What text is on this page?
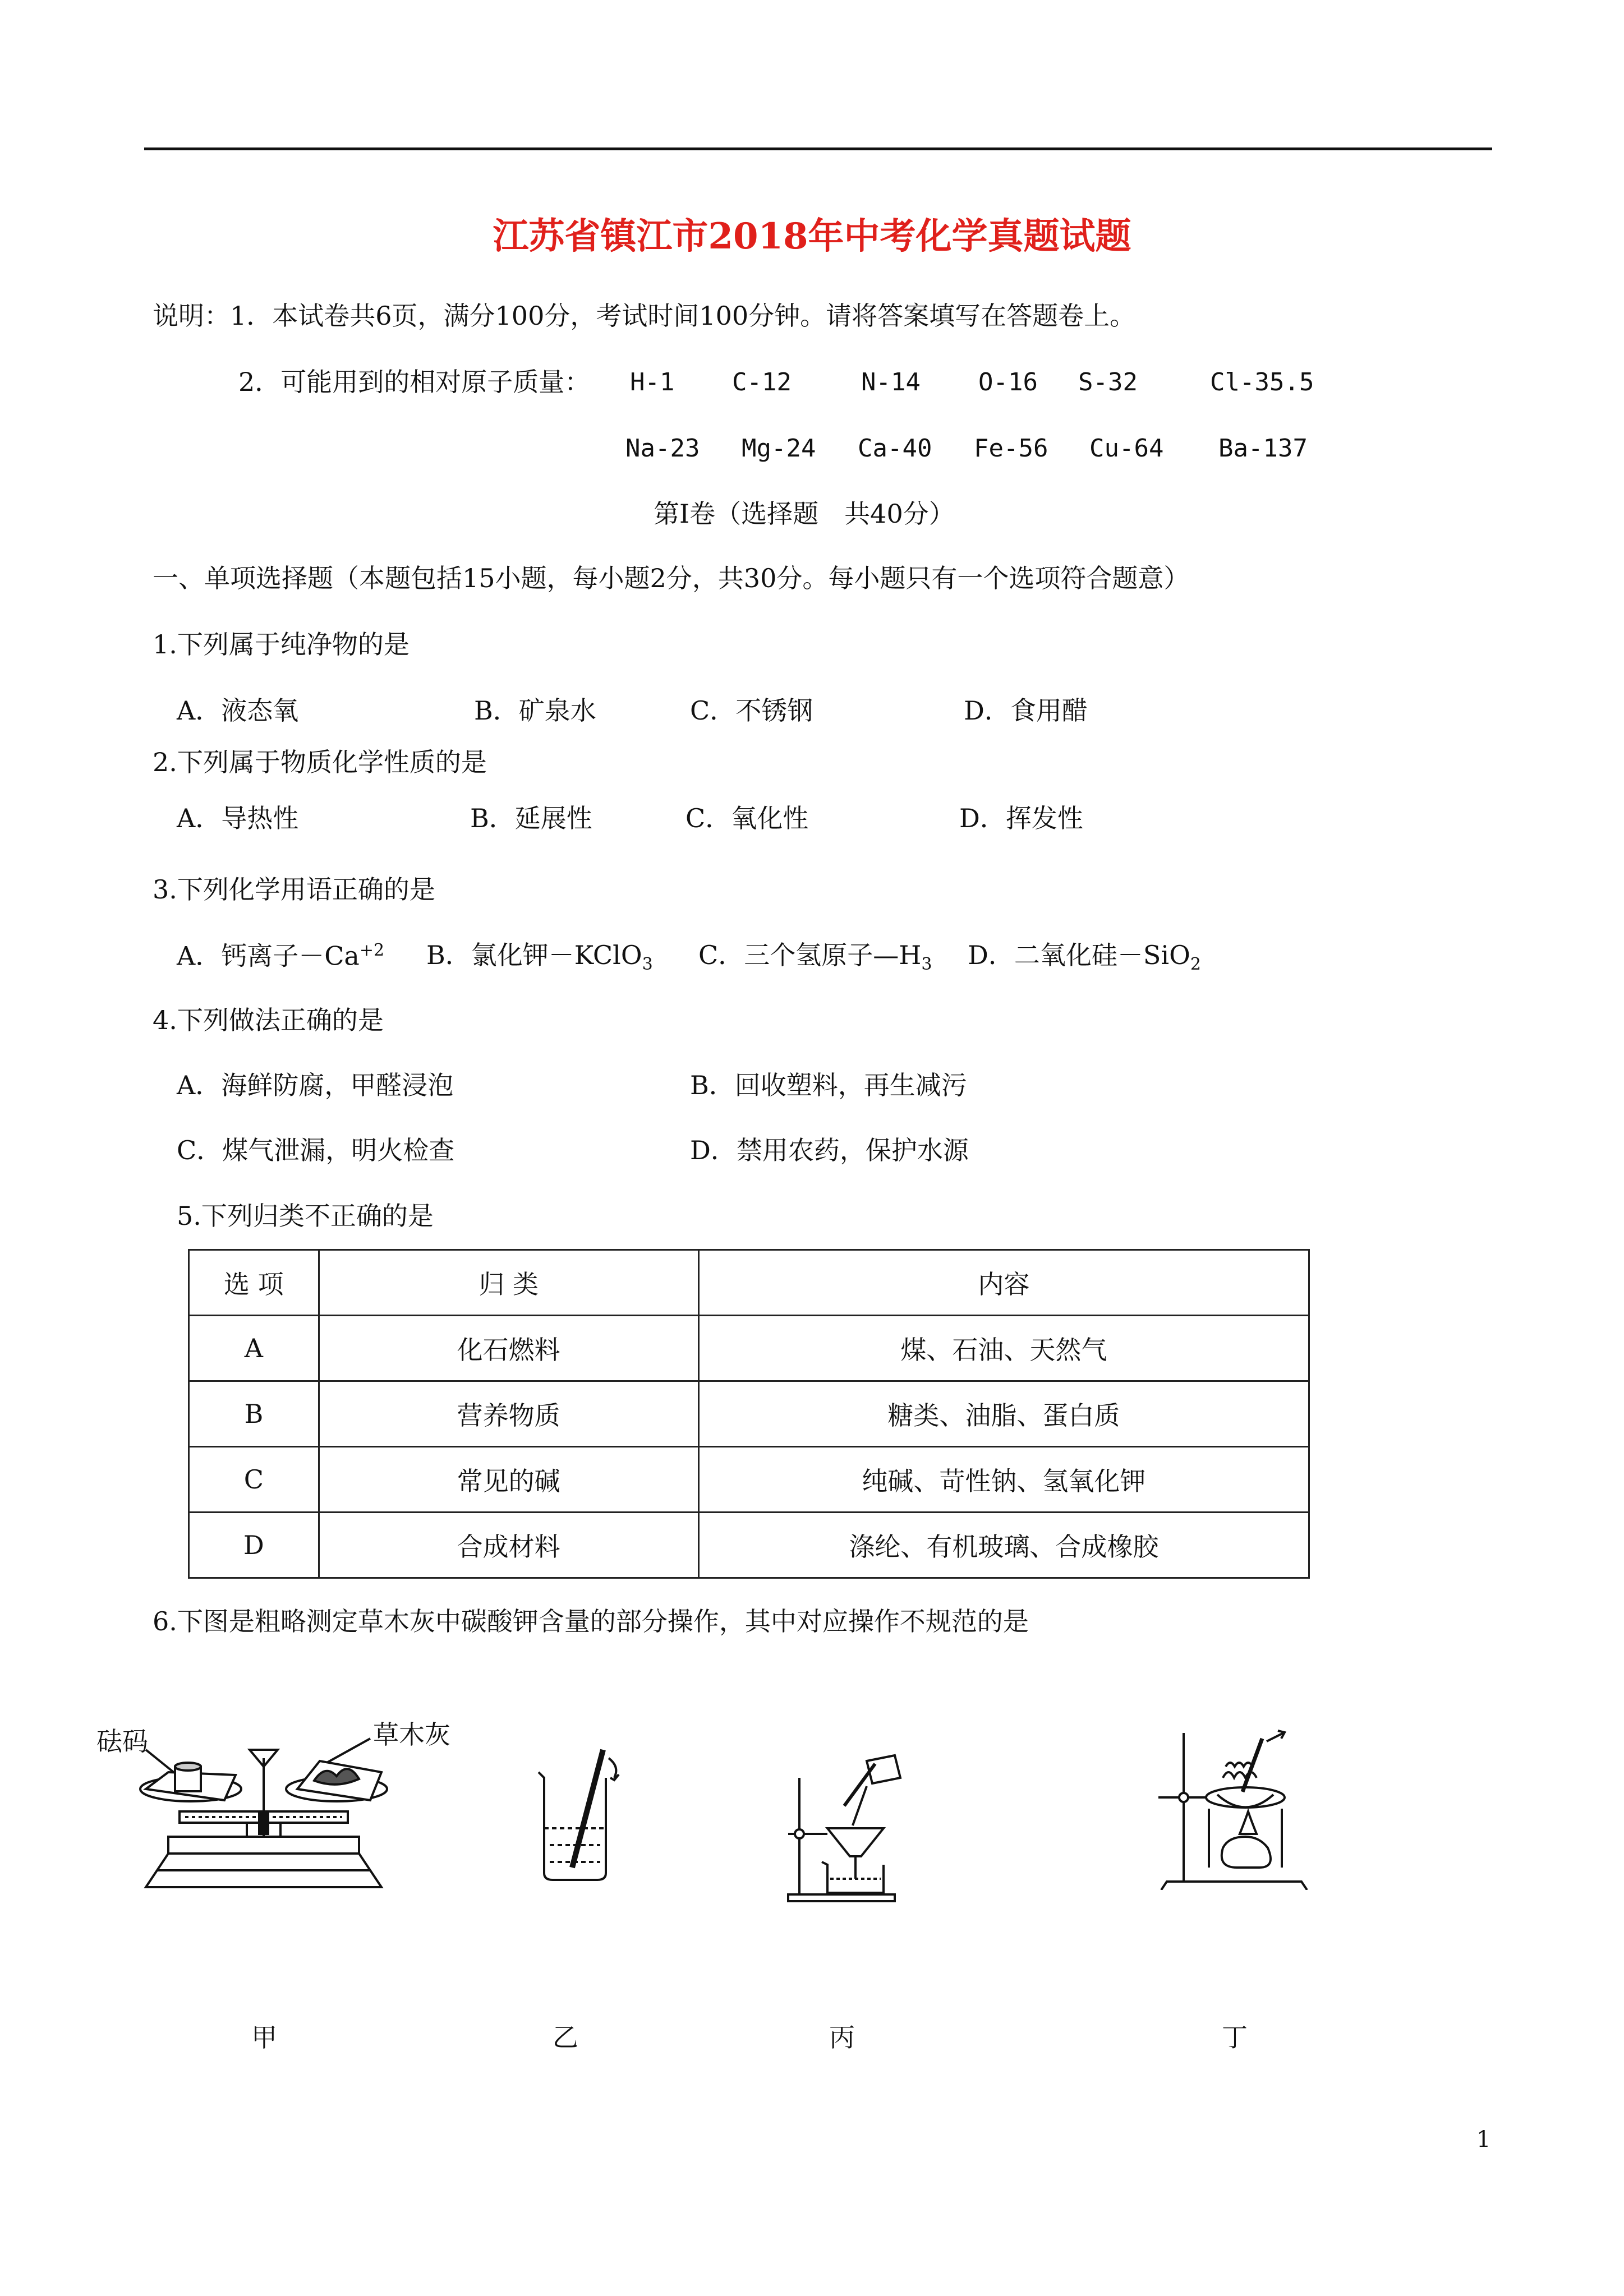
江苏省镇江市2018年中考化学真题试题
说明：1．本试卷共6页，满分100分，考试时间100分钟。请将答案填写在答题卷上。
2．可能用到的相对原子质量： H-1 C-12	N-14 O-16 S-32	Cl-35.5
Na-23 Mg-24 Ca-40 Fe-56 Cu-64 Ba-137
第Ⅰ卷（选择题　共40分）
一、单项选择题（本题包括15小题，每小题2分，共30分。每小题只有一个选项符合题意）
1.下列属于纯净物的是
A．液态氧	B．矿泉水	C．不锈钢	D．食用醋
2.下列属于物质化学性质的是
A．导热性	B．延展性	C．氧化性	D．挥发性
3.下列化学用语正确的是
A．钙离子$-Ca^{+2}$ B．氯化钾－KClO$_3$ C．三个氢原子$—H_3$ D．二氧化硅－SiO$_2$
4.下列做法正确的是
A．海鲜防腐，甲醛浸泡	B．回收塑料，再生减污
C．煤气泄漏，明火检查	D．禁用农药，保护水源
5.下列归类不正确的是
选 项	归 类	内容
A	化石燃料	煤、石油、天然气
B	营养物质	糖类、油脂、蛋白质
C	常见的碱	纯碱、苛性钠、氢氧化钾
D	合成材料	涤纶、有机玻璃、合成橡胶
6.下图是粗略测定草木灰中碳酸钾含量的部分操作，其中对应操作不规范的是
砝码	草木灰
甲	乙	丙	丁
1
